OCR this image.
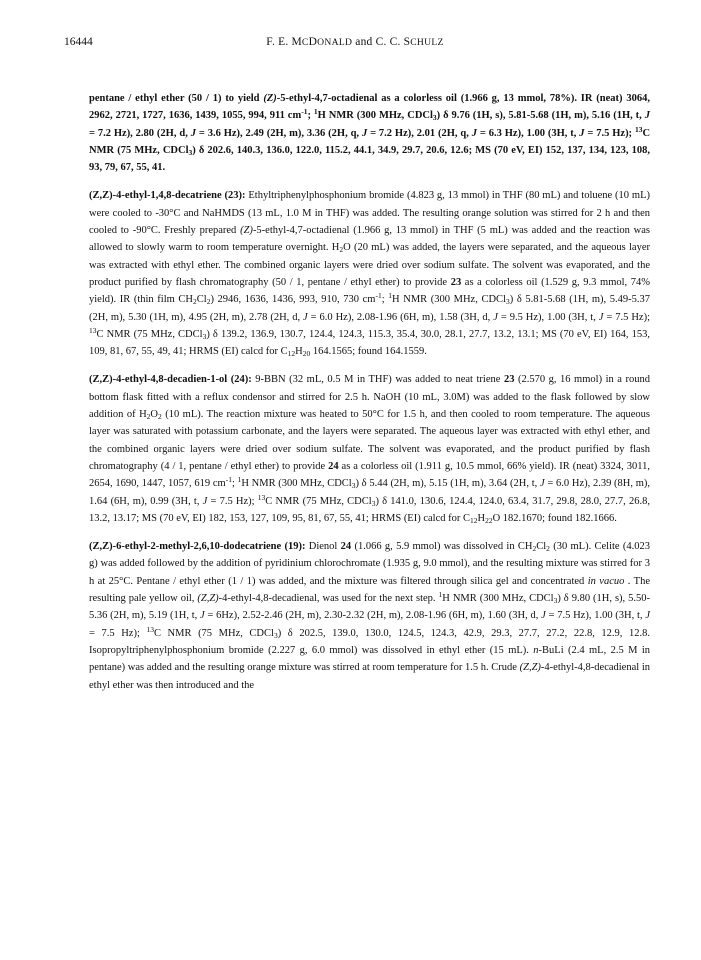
16444	F. E. MCDONALD and C. C. SCHULZ

pentane / ethyl ether (50 / 1) to yield (Z)-5-ethyl-4,7-octadienal as a colorless oil (1.966 g, 13 mmol, 78%). IR (neat) 3064, 2962, 2721, 1727, 1636, 1439, 1055, 994, 911 $cm^{-1}$; $^1$H NMR (300 MHz, CDCl$_3$) δ 9.76 (1H, s), 5.81-5.68 (1H, m), 5.16 (1H, t, J = 7.2 Hz), 2.80 (2H, d, J = 3.6 Hz), 2.49 (2H, m), 3.36 (2H, q, J = 7.2 Hz), 2.01 (2H, q, J = 6.3 Hz), 1.00 (3H, t, J = 7.5 Hz); $^{13}$C NMR (75 MHz, CDCl$_3$) δ 202.6, 140.3, 136.0, 122.0, 115.2, 44.1, 34.9, 29.7, 20.6, 12.6; MS (70 eV, EI) 152, 137, 134, 123, 108, 93, 79, 67, 55, 41.

(Z,Z)-4-ethyl-1,4,8-decatriene (23): Ethyltriphenylphosphonium bromide (4.823 g, 13 mmol) in THF (80 mL) and toluene (10 mL) were cooled to -30°C and NaHMDS (13 mL, 1.0 M in THF) was added. The resulting orange solution was stirred for 2 h and then cooled to -90°C. Freshly prepared (Z)-5-ethyl-4,7-octadienal (1.966 g, 13 mmol) in THF (5 mL) was added and the reaction was allowed to slowly warm to room temperature overnight. $H_2O$ (20 mL) was added, the layers were separated, and the aqueous layer was extracted with ethyl ether. The combined organic layers were dried over sodium sulfate. The solvent was evaporated, and the product purified by flash chromatography (50 / 1, pentane / ethyl ether) to provide 23 as a colorless oil (1.529 g, 9.3 mmol, 74% yield). IR (thin film $CH_2Cl_2$) 2946, 1636, 1436, 993, 910, 730 $cm^{-1}$; $^1$H NMR (300 MHz, CDCl$_3$) δ 5.81-5.68 (1H, m), 5.49-5.37 (2H, m), 5.30 (1H, m), 4.95 (2H, m), 2.78 (2H, d, J = 6.0 Hz), 2.08-1.96 (6H, m), 1.58 (3H, d, J = 9.5 Hz), 1.00 (3H, t, J = 7.5 Hz); $^{13}$C NMR (75 MHz, CDCl$_3$) δ 139.2, 136.9, 130.7, 124.4, 124.3, 115.3, 35.4, 30.0, 28.1, 27.7, 13.2, 13.1; MS (70 eV, EI) 164, 153, 109, 81, 67, 55, 49, 41; HRMS (EI) calcd for $C_{12}H_{20}$ 164.1565; found 164.1559.

(Z,Z)-4-ethyl-4,8-decadien-1-ol (24): 9-BBN (32 mL, 0.5 M in THF) was added to neat triene 23 (2.570 g, 16 mmol) in a round bottom flask fitted with a reflux condensor and stirred for 2.5 h. NaOH (10 mL, 3.0M) was added to the flask followed by slow addition of $H_2O_2$ (10 mL). The reaction mixture was heated to 50°C for 1.5 h, and then cooled to room temperature. The aqueous layer was saturated with potassium carbonate, and the layers were separated. The aqueous layer was extracted with ethyl ether, and the combined organic layers were dried over sodium sulfate. The solvent was evaporated, and the product purified by flash chromatography (4 / 1, pentane / ethyl ether) to provide 24 as a colorless oil (1.911 g, 10.5 mmol, 66% yield). IR (neat) 3324, 3011, 2654, 1690, 1447, 1057, 619 $cm^{-1}$; $^1$H NMR (300 MHz, CDCl$_3$) δ 5.44 (2H, m), 5.15 (1H, m), 3.64 (2H, t, J = 6.0 Hz), 2.39 (8H, m), 1.64 (6H, m), 0.99 (3H, t, J = 7.5 Hz); $^{13}$C NMR (75 MHz, CDCl$_3$) δ 141.0, 130.6, 124.4, 124.0, 63.4, 31.7, 29.8, 28.0, 27.7, 26.8, 13.2, 13.17; MS (70 eV, EI) 182, 153, 127, 109, 95, 81, 67, 55, 41; HRMS (EI) calcd for $C_{12}H_{22}O$ 182.1670; found 182.1666.

(Z,Z)-6-ethyl-2-methyl-2,6,10-dodecatriene (19): Dienol 24 (1.066 g, 5.9 mmol) was dissolved in $CH_2Cl_2$ (30 mL). Celite (4.023 g) was added followed by the addition of pyridinium chlorochromate (1.935 g, 9.0 mmol), and the resulting mixture was stirred for 3 h at 25°C. Pentane / ethyl ether (1 / 1) was added, and the mixture was filtered through silica gel and concentrated in vacuo . The resulting pale yellow oil, (Z,Z)-4-ethyl-4,8-decadienal, was used for the next step. $^1$H NMR (300 MHz, CDCl$_3$) δ 9.80 (1H, s), 5.50-5.36 (2H, m), 5.19 (1H, t, J = 6Hz), 2.52-2.46 (2H, m), 2.30-2.32 (2H, m), 2.08-1.96 (6H, m), 1.60 (3H, d, J = 7.5 Hz), 1.00 (3H, t, J = 7.5 Hz); $^{13}$C NMR (75 MHz, CDCl$_3$) δ 202.5, 139.0, 130.0, 124.5, 124.3, 42.9, 29.3, 27.7, 27.2, 22.8, 12.9, 12.8. Isopropyltriphenylphosphonium bromide (2.227 g, 6.0 mmol) was dissolved in ethyl ether (15 mL). n-BuLi (2.4 mL, 2.5 M in pentane) was added and the resulting orange mixture was stirred at room temperature for 1.5 h. Crude (Z,Z)-4-ethyl-4,8-decadienal in ethyl ether was then introduced and the
